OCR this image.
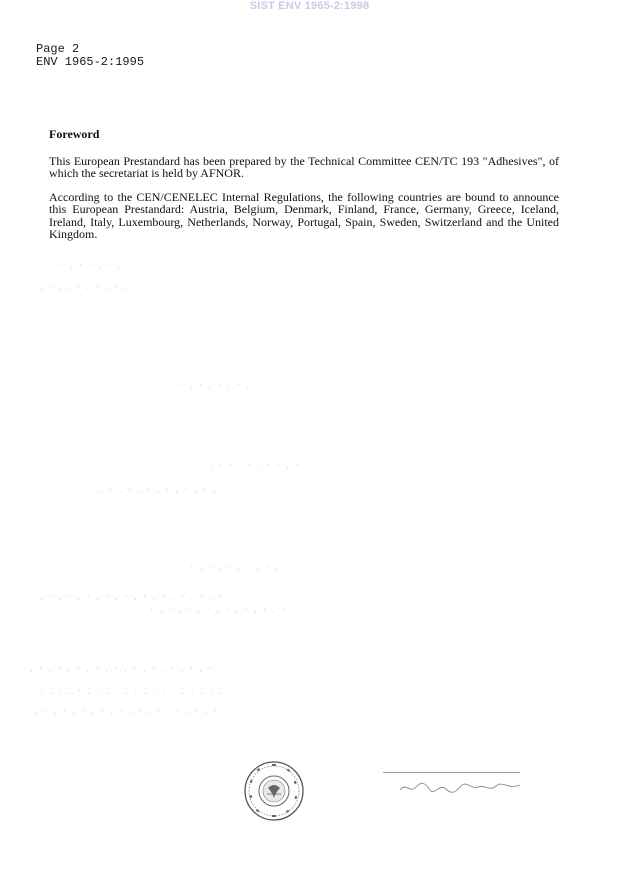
SIST ENV 1965-2:1998
Page 2
ENV 1965-2:1995
Foreword

This European Prestandard has been prepared by the Technical Committee CEN/TC 193 "Adhesives", of which the secretariat is held by AFNOR.

According to the CEN/CENELEC Internal Regulations, the following countries are bound to announce this European Prestandard: Austria, Belgium, Denmark, Finland, France, Germany, Greece, Iceland, Ireland, Italy, Luxembourg, Netherlands, Norway, Portugal, Spain, Sweden, Switzerland and the United Kingdom.

· . · · . · . ·
. · . . · . · . · .
· . · . · . · .
. · · . · . · · . ·
. · . · . · . · . · . · .
· . · . · . · . · .
. · . · . · . · . · . · . · . · . · . ·
· . · . · . · . · . · . · . ·
. · . · . · . · . · . · . · . · . · . ·
· . · . · . · . · . · . · . · . · . · . ·
. · . · . · . · . · . · . · . · . · . ·
